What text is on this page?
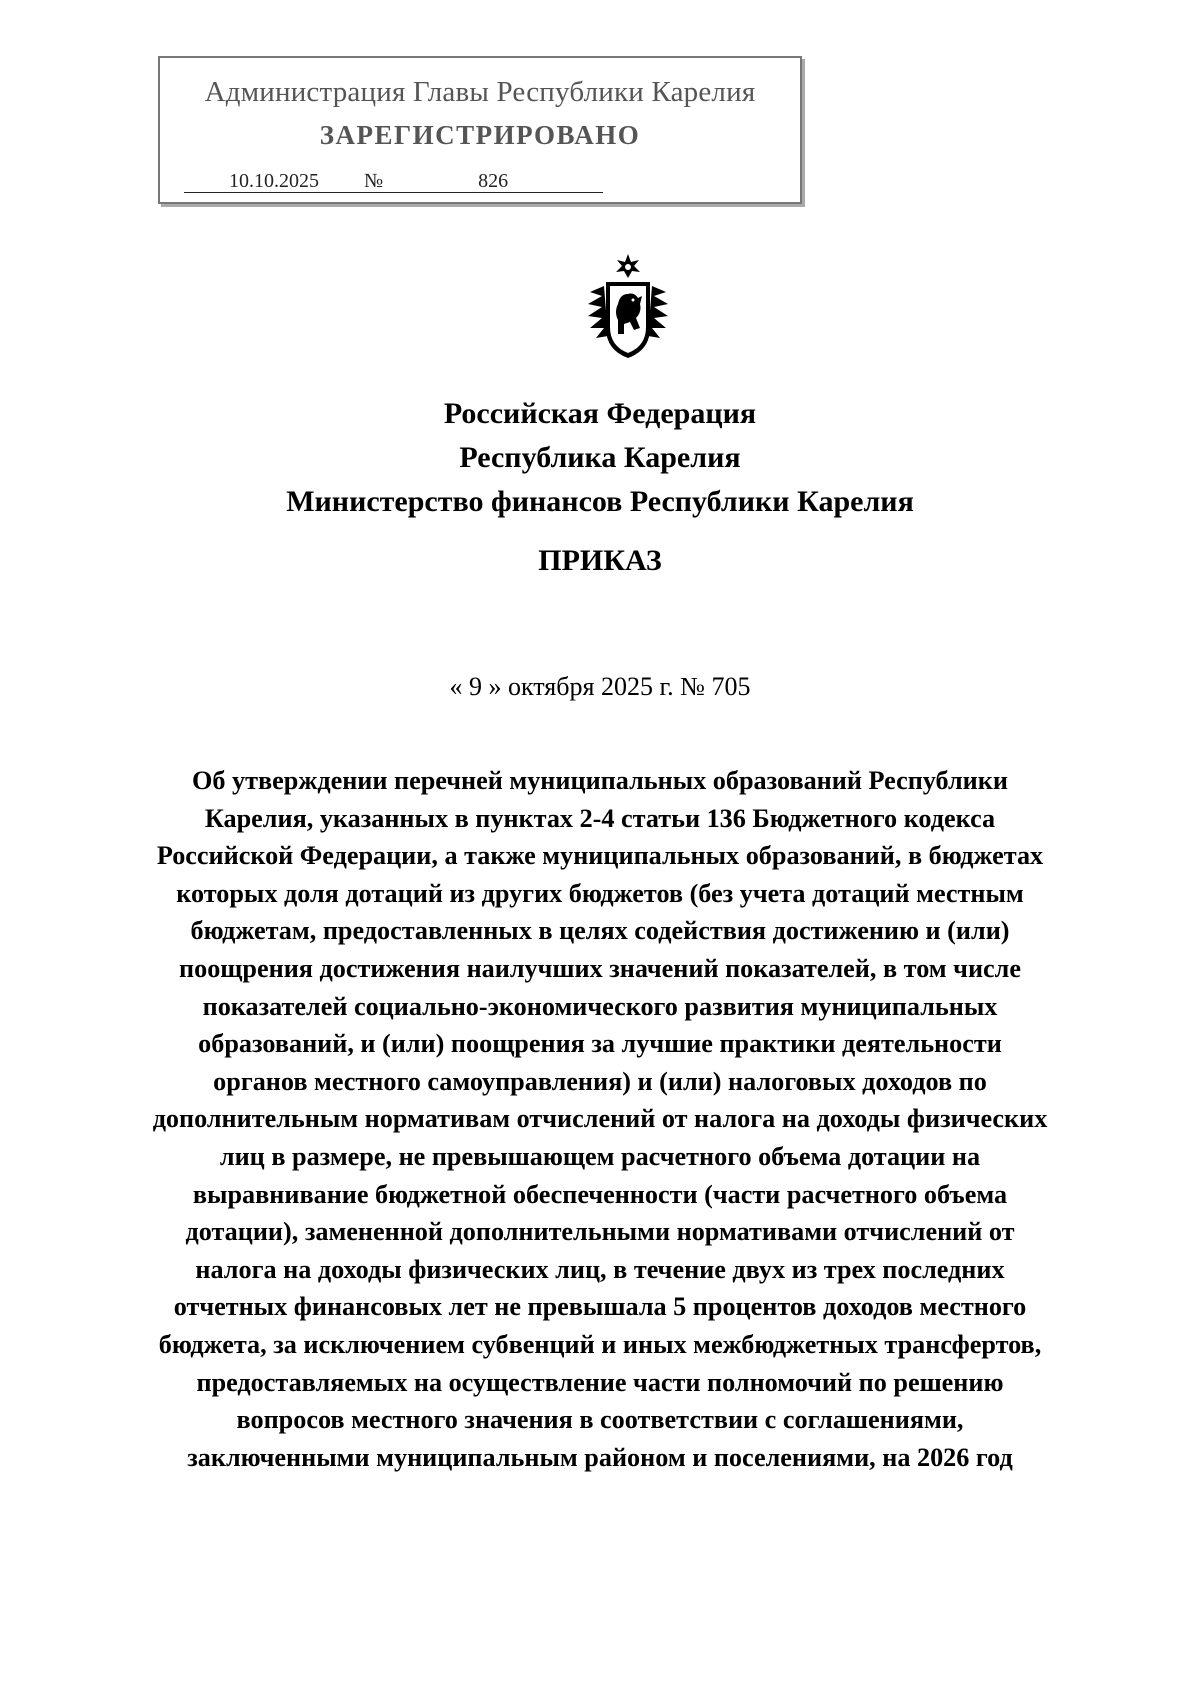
Администрация Главы Республики Карелия
ЗАРЕГИСТРИРОВАНО
10.10.2025 №	826
Российская Федерация
Республика Карелия
Министерство финансов Республики Карелия
ПРИКАЗ
« 9 » октября 2025 г. № 705
Об утверждении перечней муниципальных образований Республики
Карелия, указанных в пунктах 2-4 статьи 136 Бюджетного кодекса
Российской Федерации, а также муниципальных образований, в бюджетах
которых доля дотаций из других бюджетов (без учета дотаций местным
бюджетам, предоставленных в целях содействия достижению и (или)
поощрения достижения наилучших значений показателей, в том числе
показателей социально-экономического развития муниципальных
образований, и (или) поощрения за лучшие практики деятельности
органов местного самоуправления) и (или) налоговых доходов по
дополнительным нормативам отчислений от налога на доходы физических
лиц в размере, не превышающем расчетного объема дотации на
выравнивание бюджетной обеспеченности (части расчетного объема
дотации), замененной дополнительными нормативами отчислений от
налога на доходы физических лиц, в течение двух из трех последних
отчетных финансовых лет не превышала 5 процентов доходов местного
бюджета, за исключением субвенций и иных межбюджетных трансфертов,
предоставляемых на осуществление части полномочий по решению
вопросов местного значения в соответствии с соглашениями,
заключенными муниципальным районом и поселениями, на 2026 год
